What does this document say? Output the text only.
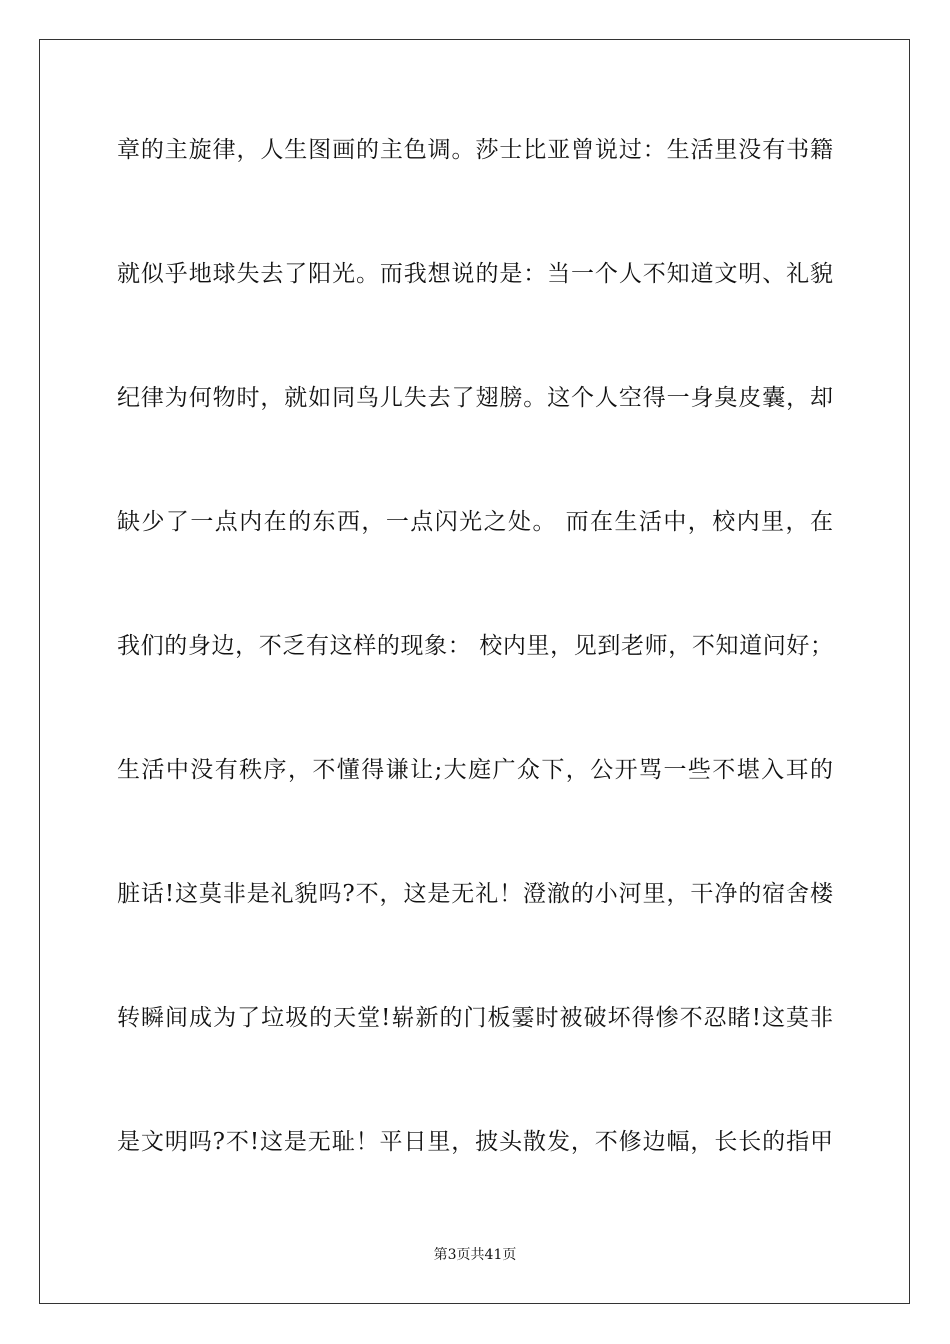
章的主旋律，人生图画的主色调。莎士比亚曾说过：生活里没有书籍
就似乎地球失去了阳光。而我想说的是：当一个人不知道文明、礼貌
纪律为何物时，就如同鸟儿失去了翅膀。这个人空得一身臭皮囊，却
缺少了一点内在的东西，一点闪光之处。 而在生活中，校内里，在
我们的身边，不乏有这样的现象： 校内里，见到老师，不知道问好；
生活中没有秩序，不懂得谦让;大庭广众下，公开骂一些不堪入耳的
脏话!这莫非是礼貌吗?不，这是无礼！澄澈的小河里，干净的宿舍楼
转瞬间成为了垃圾的天堂!崭新的门板霎时被破坏得惨不忍睹!这莫非
是文明吗?不!这是无耻！平日里，披头散发，不修边幅，长长的指甲
第3页共41页
